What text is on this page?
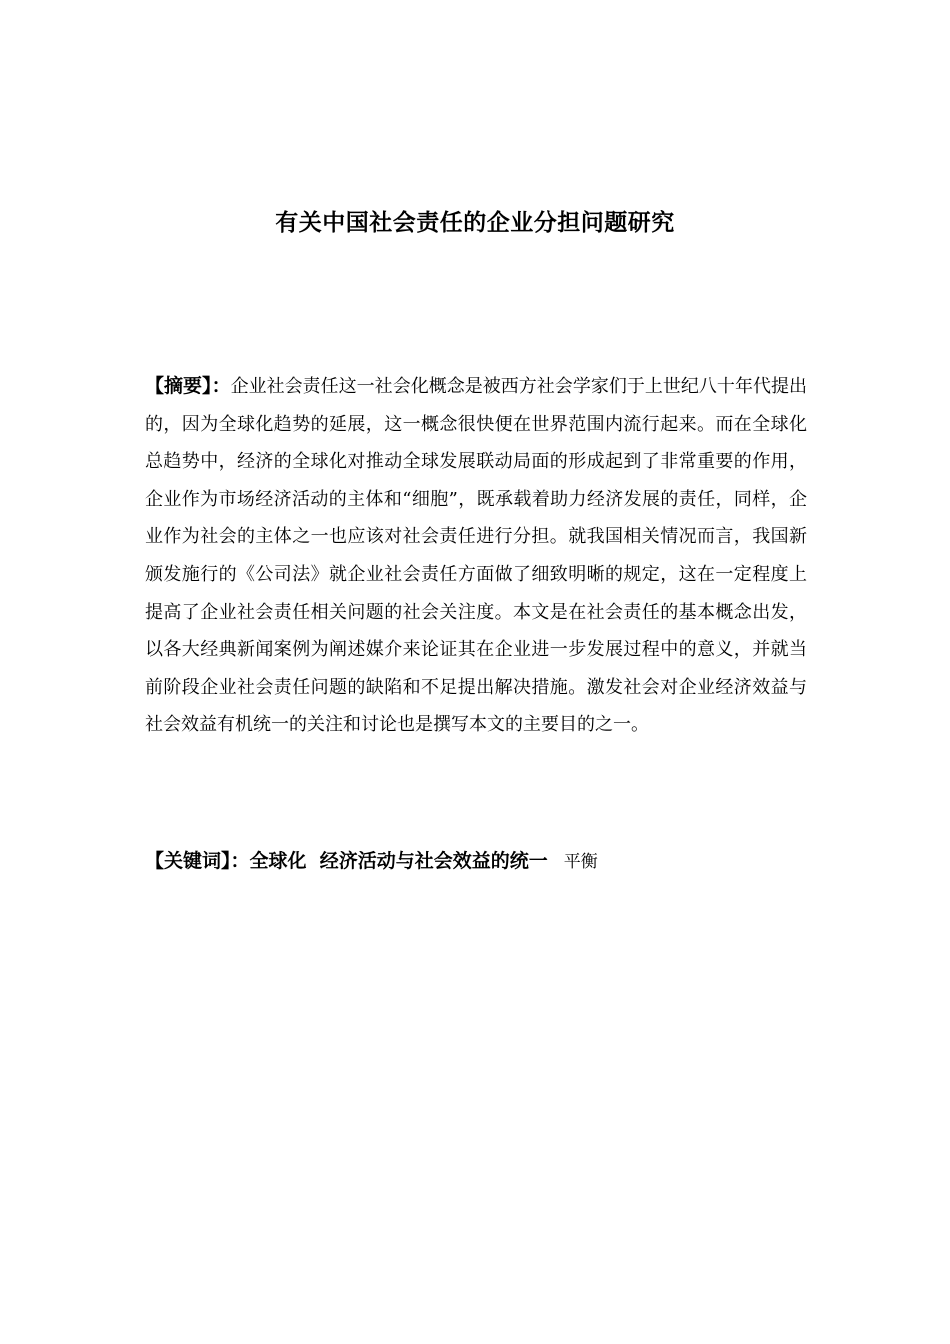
有关中国社会责任的企业分担问题研究

【摘要】：企业社会责任这一社会化概念是被西方社会学家们于上世纪八十年代提出的，因为全球化趋势的延展，这一概念很快便在世界范围内流行起来。而在全球化总趋势中，经济的全球化对推动全球发展联动局面的形成起到了非常重要的作用，企业作为市场经济活动的主体和“细胞”，既承载着助力经济发展的责任，同样，企业作为社会的主体之一也应该对社会责任进行分担。就我国相关情况而言，我国新颁发施行的《公司法》就企业社会责任方面做了细致明晰的规定，这在一定程度上提高了企业社会责任相关问题的社会关注度。本文是在社会责任的基本概念出发，以各大经典新闻案例为阐述媒介来论证其在企业进一步发展过程中的意义，并就当前阶段企业社会责任问题的缺陷和不足提出解决措施。激发社会对企业经济效益与社会效益有机统一的关注和讨论也是撰写本文的主要目的之一。

【关键词】：全球化  经济活动与社会效益的统一 平衡
